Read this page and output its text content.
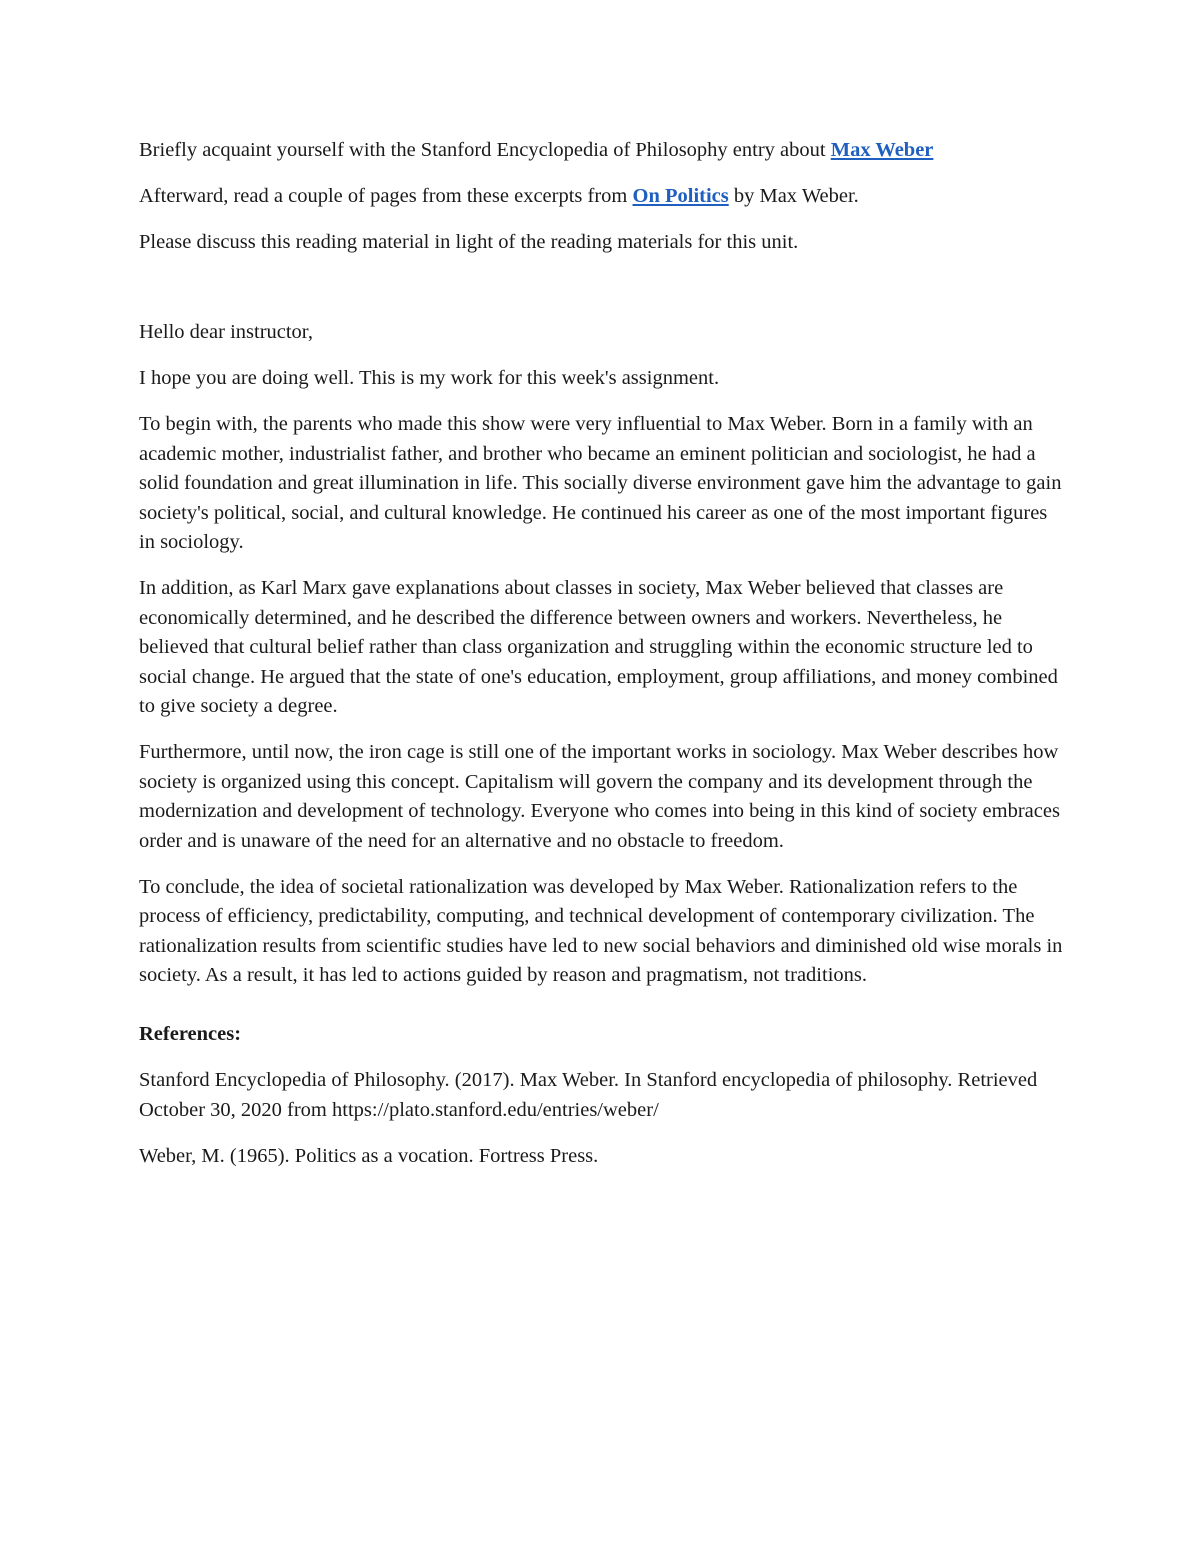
Briefly acquaint yourself with the Stanford Encyclopedia of Philosophy entry about Max Weber

Afterward, read a couple of pages from these excerpts from On Politics by Max Weber.

Please discuss this reading material in light of the reading materials for this unit.

Hello dear instructor,

I hope you are doing well. This is my work for this week's assignment.

To begin with, the parents who made this show were very influential to Max Weber. Born in a family with an academic mother, industrialist father, and brother who became an eminent politician and sociologist, he had a solid foundation and great illumination in life. This socially diverse environment gave him the advantage to gain society's political, social, and cultural knowledge. He continued his career as one of the most important figures in sociology.

In addition, as Karl Marx gave explanations about classes in society, Max Weber believed that classes are economically determined, and he described the difference between owners and workers. Nevertheless, he believed that cultural belief rather than class organization and struggling within the economic structure led to social change. He argued that the state of one's education, employment, group affiliations, and money combined to give society a degree.

Furthermore, until now, the iron cage is still one of the important works in sociology. Max Weber describes how society is organized using this concept. Capitalism will govern the company and its development through the modernization and development of technology. Everyone who comes into being in this kind of society embraces order and is unaware of the need for an alternative and no obstacle to freedom.

To conclude, the idea of societal rationalization was developed by Max Weber. Rationalization refers to the process of efficiency, predictability, computing, and technical development of contemporary civilization. The rationalization results from scientific studies have led to new social behaviors and diminished old wise morals in society. As a result, it has led to actions guided by reason and pragmatism, not traditions.

References:

Stanford Encyclopedia of Philosophy. (2017). Max Weber. In Stanford encyclopedia of philosophy. Retrieved October 30, 2020 from https://plato.stanford.edu/entries/weber/

Weber, M. (1965). Politics as a vocation. Fortress Press.
